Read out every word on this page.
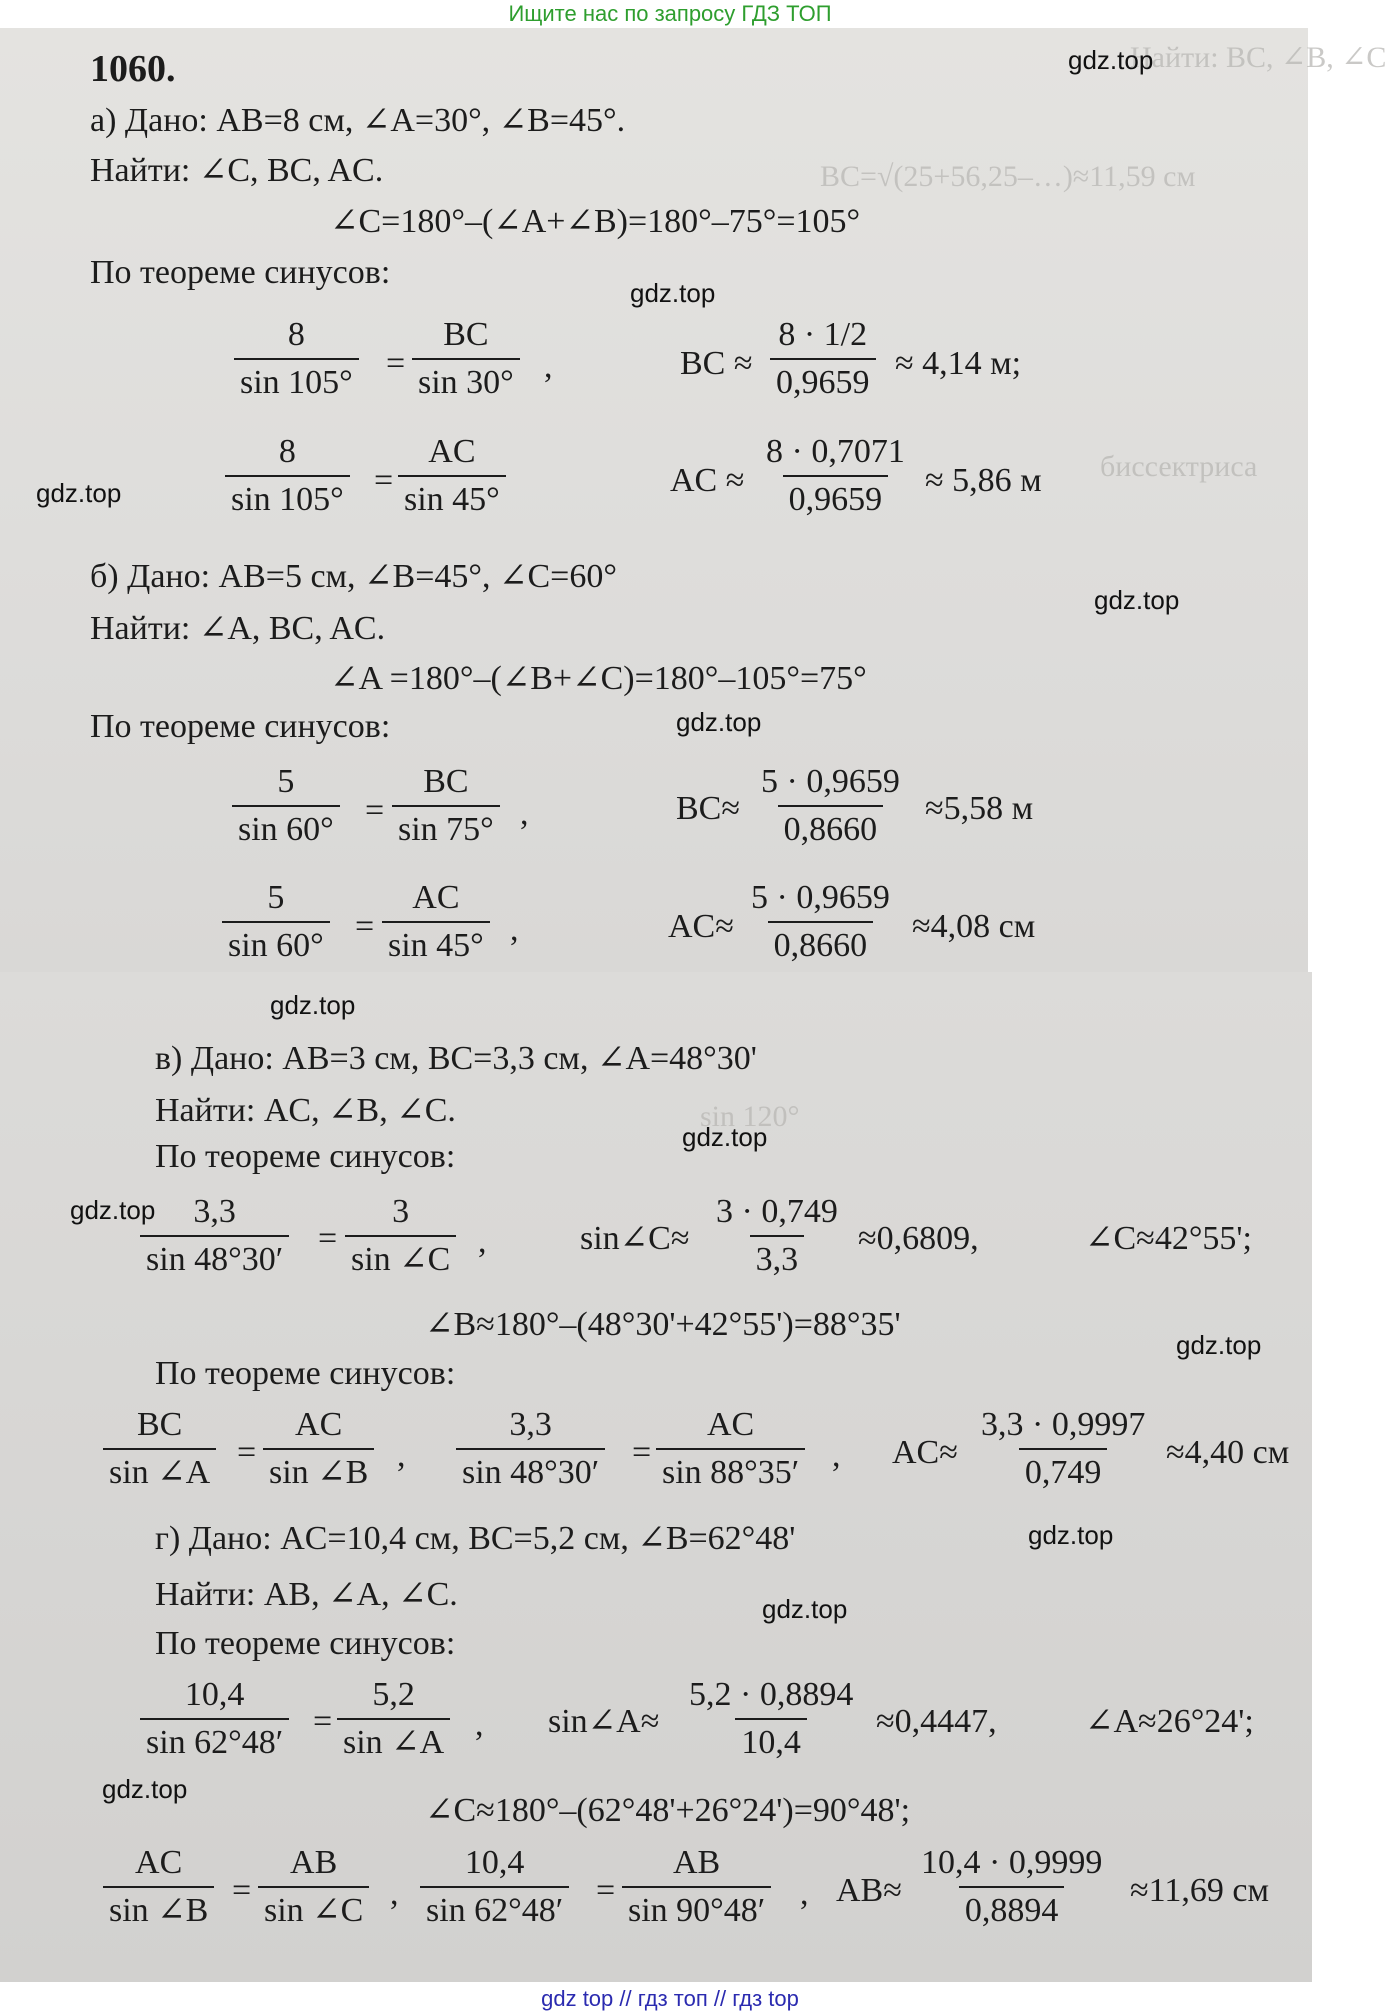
Ищите нас по запросу ГДЗ ТОП
Найти: BC, ∠B, ∠C
BC=√(25+56,25–…)≈11,59 см
биссектриса
sin 120°
1060.
а) Дано: AB=8 см, ∠A=30°, ∠B=45°.
Найти: ∠C, BC, AC.
∠C=180°–(∠A+∠B)=180°–75°=105°
По теореме синусов:
$\frac{8}{\sin 105^\circ} = \frac{BC}{\sin 30^\circ}$ ,	BC ≈ $\frac{8 \cdot 1/2}{0,9659} \approx 4,14$ м;
$\frac{8}{\sin 105^\circ} = \frac{AC}{\sin 45^\circ}$	AC ≈ $\frac{8 \cdot 0,7071}{0,9659} \approx 5,86$ м
б) Дано: AB=5 см, ∠B=45°, ∠C=60°
Найти: ∠A, BC, AC.
∠A =180°–(∠B+∠C)=180°–105°=75°
По теореме синусов:
$\frac{5}{\sin 60^\circ} = \frac{BC}{\sin 75^\circ}$ ,	$BC\approx \frac{5 \cdot 0,9659}{0,8660} \approx 5,58$ м
$\frac{5}{\sin 60^\circ} = \frac{AC}{\sin 45^\circ}$ ,	$AC\approx \frac{5 \cdot 0,9659}{0,8660} \approx 4,08$ см
в) Дано: AB=3 см, BC=3,3 см, ∠A=48°30'
Найти: AC, ∠B, ∠C.
По теореме синусов:
$\frac{3,3}{\sin 48^\circ 30'} = \frac{3}{\sin \angle C}$ ,	sin∠C≈ $\frac{3 \cdot 0,749}{3,3} \approx 0,6809$,	∠C≈42°55';
∠B≈180°–(48°30'+42°55')=88°35'
По теореме синусов:
$\frac{BC}{\sin \angle A} = \frac{AC}{\sin \angle B}$ , $\frac{3,3}{\sin 48^\circ 30'} = \frac{AC}{\sin 88^\circ 35'}$ , $AC\approx \frac{3,3 \cdot 0,9997}{0,749} \approx 4,40$ см
г) Дано: AC=10,4 см, BC=5,2 см, ∠B=62°48'
Найти: AB, ∠A, ∠C.
По теореме синусов:
$\frac{10,4}{\sin 62^\circ 48'} = \frac{5,2}{\sin \angle A}$ , sin∠A≈ $\frac{5,2 \cdot 0,8894}{10,4} \approx 0,4447$,	∠A≈26°24';
∠C≈180°–(62°48'+26°24')=90°48';
$\frac{AC}{\sin \angle B} = \frac{AB}{\sin \angle C}$ , $\frac{10,4}{\sin 62^\circ 48'} = \frac{AB}{\sin 90^\circ 48'}$ , $AB\approx \frac{10,4 \cdot 0,9999}{0,8894} \approx 11,69$ см
gdz.top
gdz.top
gdz.top
gdz.top
gdz.top
gdz.top
gdz.top
gdz.top
gdz.top
gdz.top
gdz.top
gdz.top
gdz top // гдз топ // гдз top
